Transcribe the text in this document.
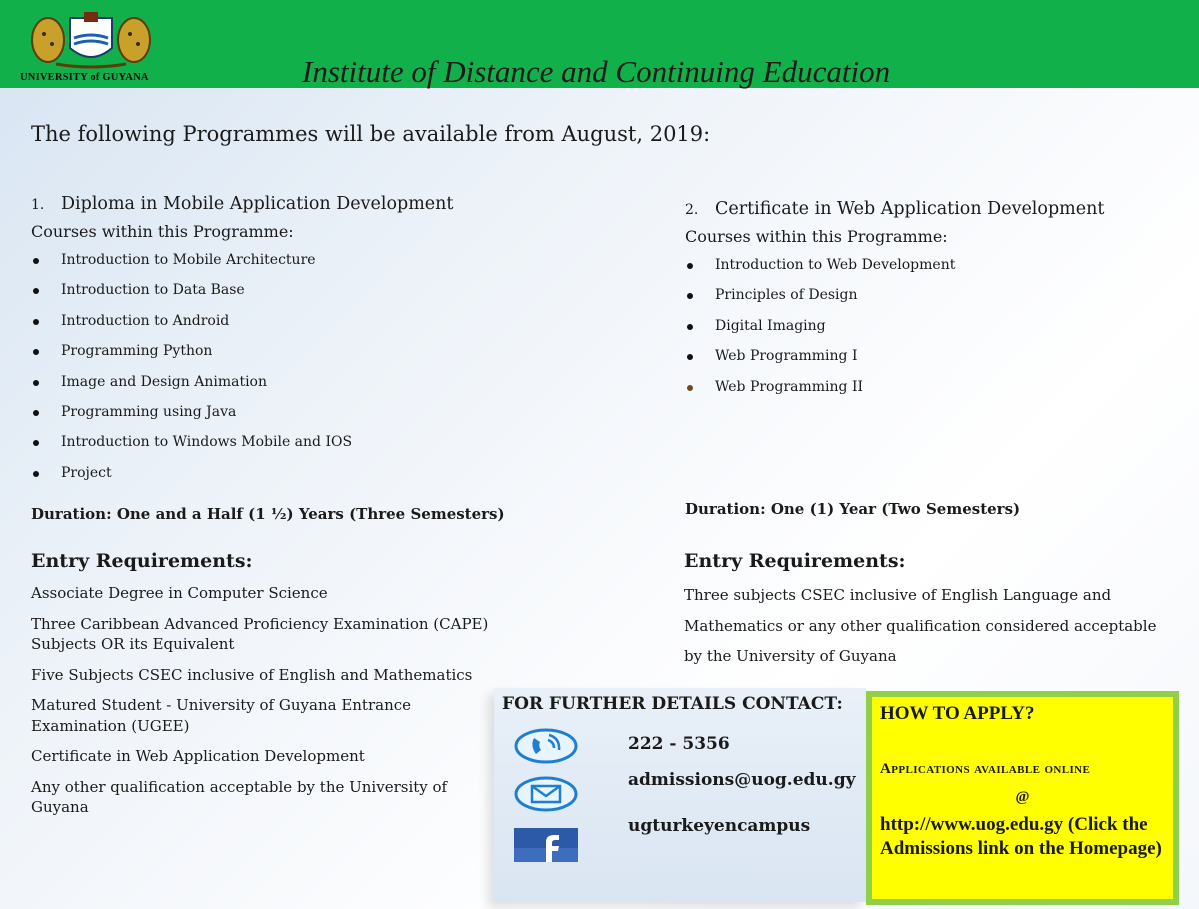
UNIVERSITY of GUYANA	Institute of Distance and Continuing Education
The following Programmes will be available from August, 2019:
1. Diploma in Mobile Application Development
Courses within this Programme:
Introduction to Mobile Architecture
Introduction to Data Base
Introduction to Android
Programming Python
Image and Design Animation
Programming using Java
Introduction to Windows Mobile and IOS
Project
Duration: One and a Half (1 ½) Years (Three Semesters)
Entry Requirements:
Associate Degree in Computer Science
Three Caribbean Advanced Proficiency Examination (CAPE) Subjects OR its Equivalent
Five Subjects CSEC inclusive of English and Mathematics
Matured Student - University of Guyana Entrance Examination (UGEE)
Certificate in Web Application Development
Any other qualification acceptable by the University of Guyana
2. Certificate in Web Application Development
Courses within this Programme:
Introduction to Web Development
Principles of Design
Digital Imaging
Web Programming I
Web Programming II
Duration: One (1) Year (Two Semesters)
Entry Requirements:
Three subjects CSEC inclusive of English Language and Mathematics or any other qualification considered acceptable by the University of Guyana
FOR FURTHER DETAILS CONTACT:
222 - 5356
admissions@uog.edu.gy
ugturkeyencampus
HOW TO APPLY?
Applications available online
@
http://www.uog.edu.gy (Click the Admissions link on the Homepage)
